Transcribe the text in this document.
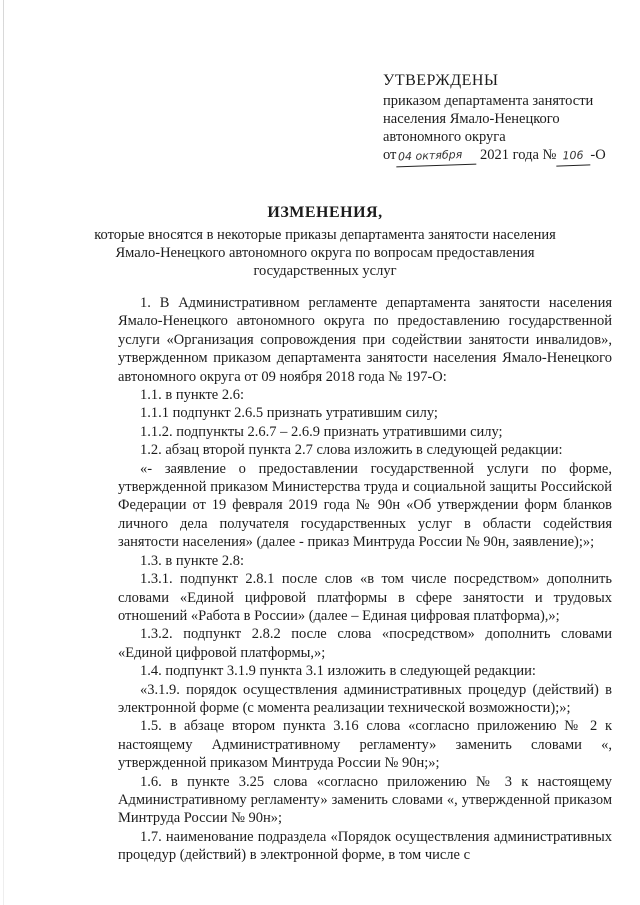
УТВЕРЖДЕНЫ
приказом департамента занятости
населения Ямало-Ненецкого
автономного округа
от 04 октября 2021 года № 106 -О
ИЗМЕНЕНИЯ,
которые вносятся в некоторые приказы департамента занятости населения Ямало-Ненецкого автономного округа по вопросам предоставления государственных услуг

1. В Административном регламенте департамента занятости населения Ямало-Ненецкого автономного округа по предоставлению государственной услуги «Организация сопровождения при содействии занятости инвалидов», утвержденном приказом департамента занятости населения Ямало-Ненецкого автономного округа от 09 ноября 2018 года № 197-О:

1.1. в пункте 2.6:

1.1.1 подпункт 2.6.5 признать утратившим силу;

1.1.2. подпункты 2.6.7 – 2.6.9 признать утратившими силу;

1.2. абзац второй пункта 2.7 слова изложить в следующей редакции:

«- заявление о предоставлении государственной услуги по форме, утвержденной приказом Министерства труда и социальной защиты Российской Федерации от 19 февраля 2019 года № 90н «Об утверждении форм бланков личного дела получателя государственных услуг в области содействия занятости населения» (далее - приказ Минтруда России № 90н, заявление);»;

1.3. в пункте 2.8:

1.3.1. подпункт 2.8.1 после слов «в том числе посредством» дополнить словами «Единой цифровой платформы в сфере занятости и трудовых отношений «Работа в России» (далее – Единая цифровая платформа),»;

1.3.2. подпункт 2.8.2 после слова «посредством» дополнить словами «Единой цифровой платформы,»;

1.4. подпункт 3.1.9 пункта 3.1 изложить в следующей редакции:

«3.1.9. порядок осуществления административных процедур (действий) в электронной форме (с момента реализации технической возможности);»;

1.5. в абзаце втором пункта 3.16 слова «согласно приложению № 2 к настоящему Административному регламенту» заменить словами «, утвержденной приказом Минтруда России № 90н;»;

1.6. в пункте 3.25 слова «согласно приложению № 3 к настоящему Административному регламенту» заменить словами «, утвержденной приказом Минтруда России № 90н»;

1.7. наименование подраздела «Порядок осуществления административных процедур (действий) в электронной форме, в том числе с
